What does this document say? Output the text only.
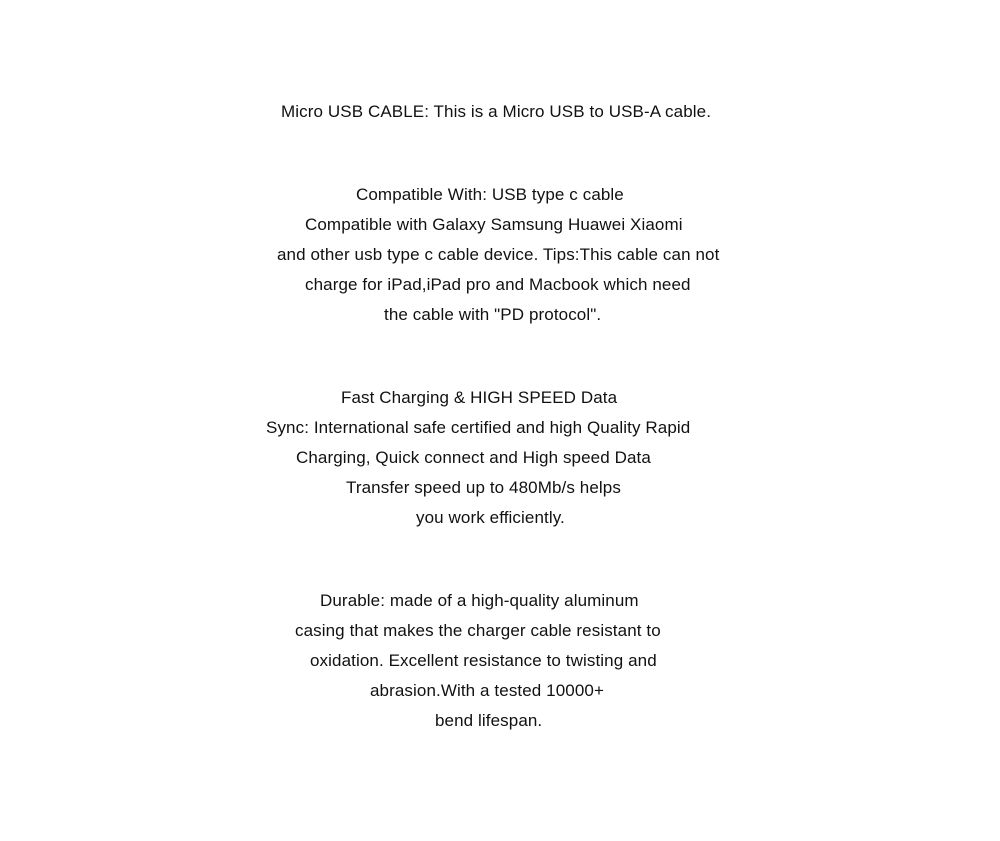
Micro USB CABLE: This is a Micro USB to USB-A cable.
Compatible With: USB type c cable
Compatible with Galaxy Samsung Huawei Xiaomi
and other usb type c cable device. Tips:This cable can not
charge for iPad,iPad pro and Macbook which need
the cable with "PD protocol".
Fast Charging & HIGH SPEED Data
Sync: International safe certified and high Quality Rapid
Charging, Quick connect and High speed Data
Transfer speed up to 480Mb/s helps
you work efficiently.
Durable: made of a high-quality aluminum
casing that makes the charger cable resistant to
oxidation. Excellent resistance to twisting and
abrasion.With a tested 10000+
bend lifespan.
